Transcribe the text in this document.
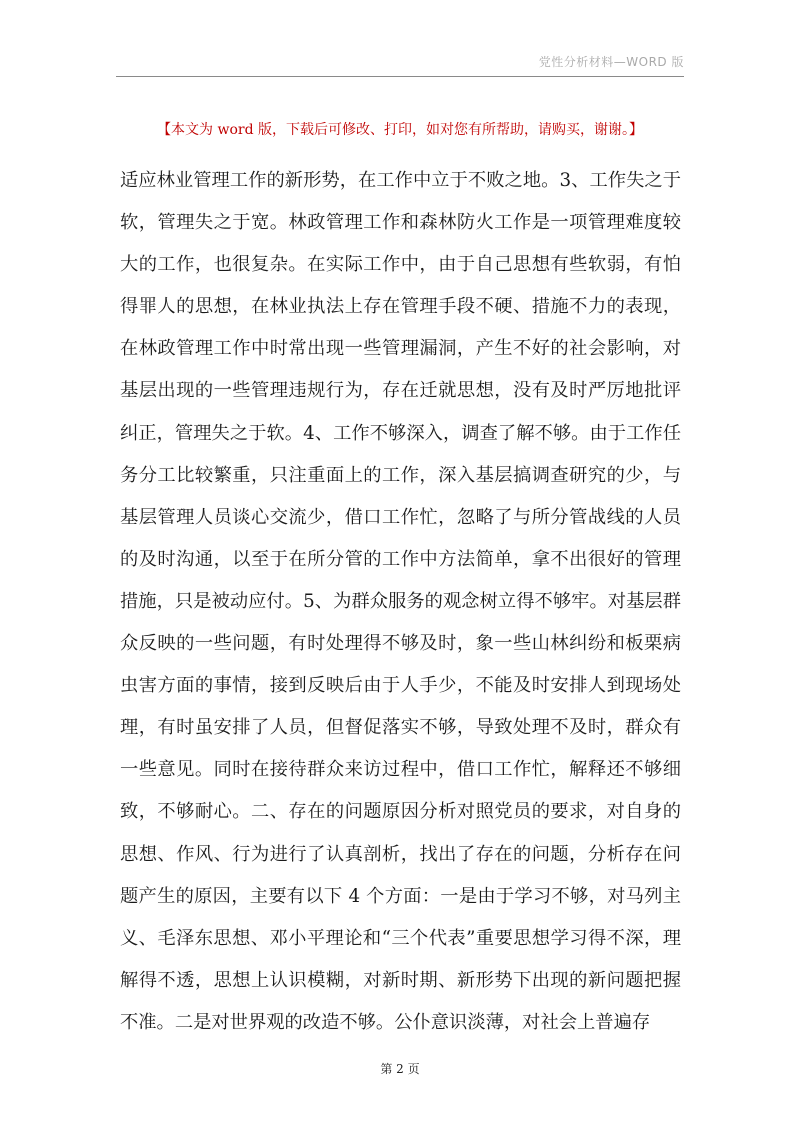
党性分析材料—WORD 版
【本文为 word 版，下载后可修改、打印，如对您有所帮助，请购买，谢谢。】

适应林业管理工作的新形势，在工作中立于不败之地。3、工作失之于软，管理失之于宽。林政管理工作和森林防火工作是一项管理难度较大的工作，也很复杂。在实际工作中，由于自己思想有些软弱，有怕得罪人的思想，在林业执法上存在管理手段不硬、措施不力的表现，在林政管理工作中时常出现一些管理漏洞，产生不好的社会影响，对基层出现的一些管理违规行为，存在迁就思想，没有及时严厉地批评纠正，管理失之于软。4、工作不够深入，调查了解不够。由于工作任务分工比较繁重，只注重面上的工作，深入基层搞调查研究的少，与基层管理人员谈心交流少，借口工作忙，忽略了与所分管战线的人员的及时沟通，以至于在所分管的工作中方法简单，拿不出很好的管理措施，只是被动应付。5、为群众服务的观念树立得不够牢。对基层群众反映的一些问题，有时处理得不够及时，象一些山林纠纷和板栗病虫害方面的事情，接到反映后由于人手少，不能及时安排人到现场处理，有时虽安排了人员，但督促落实不够，导致处理不及时，群众有一些意见。同时在接待群众来访过程中，借口工作忙，解释还不够细致，不够耐心。二、存在的问题原因分析对照党员的要求，对自身的思想、作风、行为进行了认真剖析，找出了存在的问题，分析存在问题产生的原因，主要有以下 4 个方面：一是由于学习不够，对马列主义、毛泽东思想、邓小平理论和“三个代表”重要思想学习得不深，理解得不透，思想上认识模糊，对新时期、新形势下出现的新问题把握不准。二是对世界观的改造不够。公仆意识淡薄，对社会上普遍存

第 2 页
